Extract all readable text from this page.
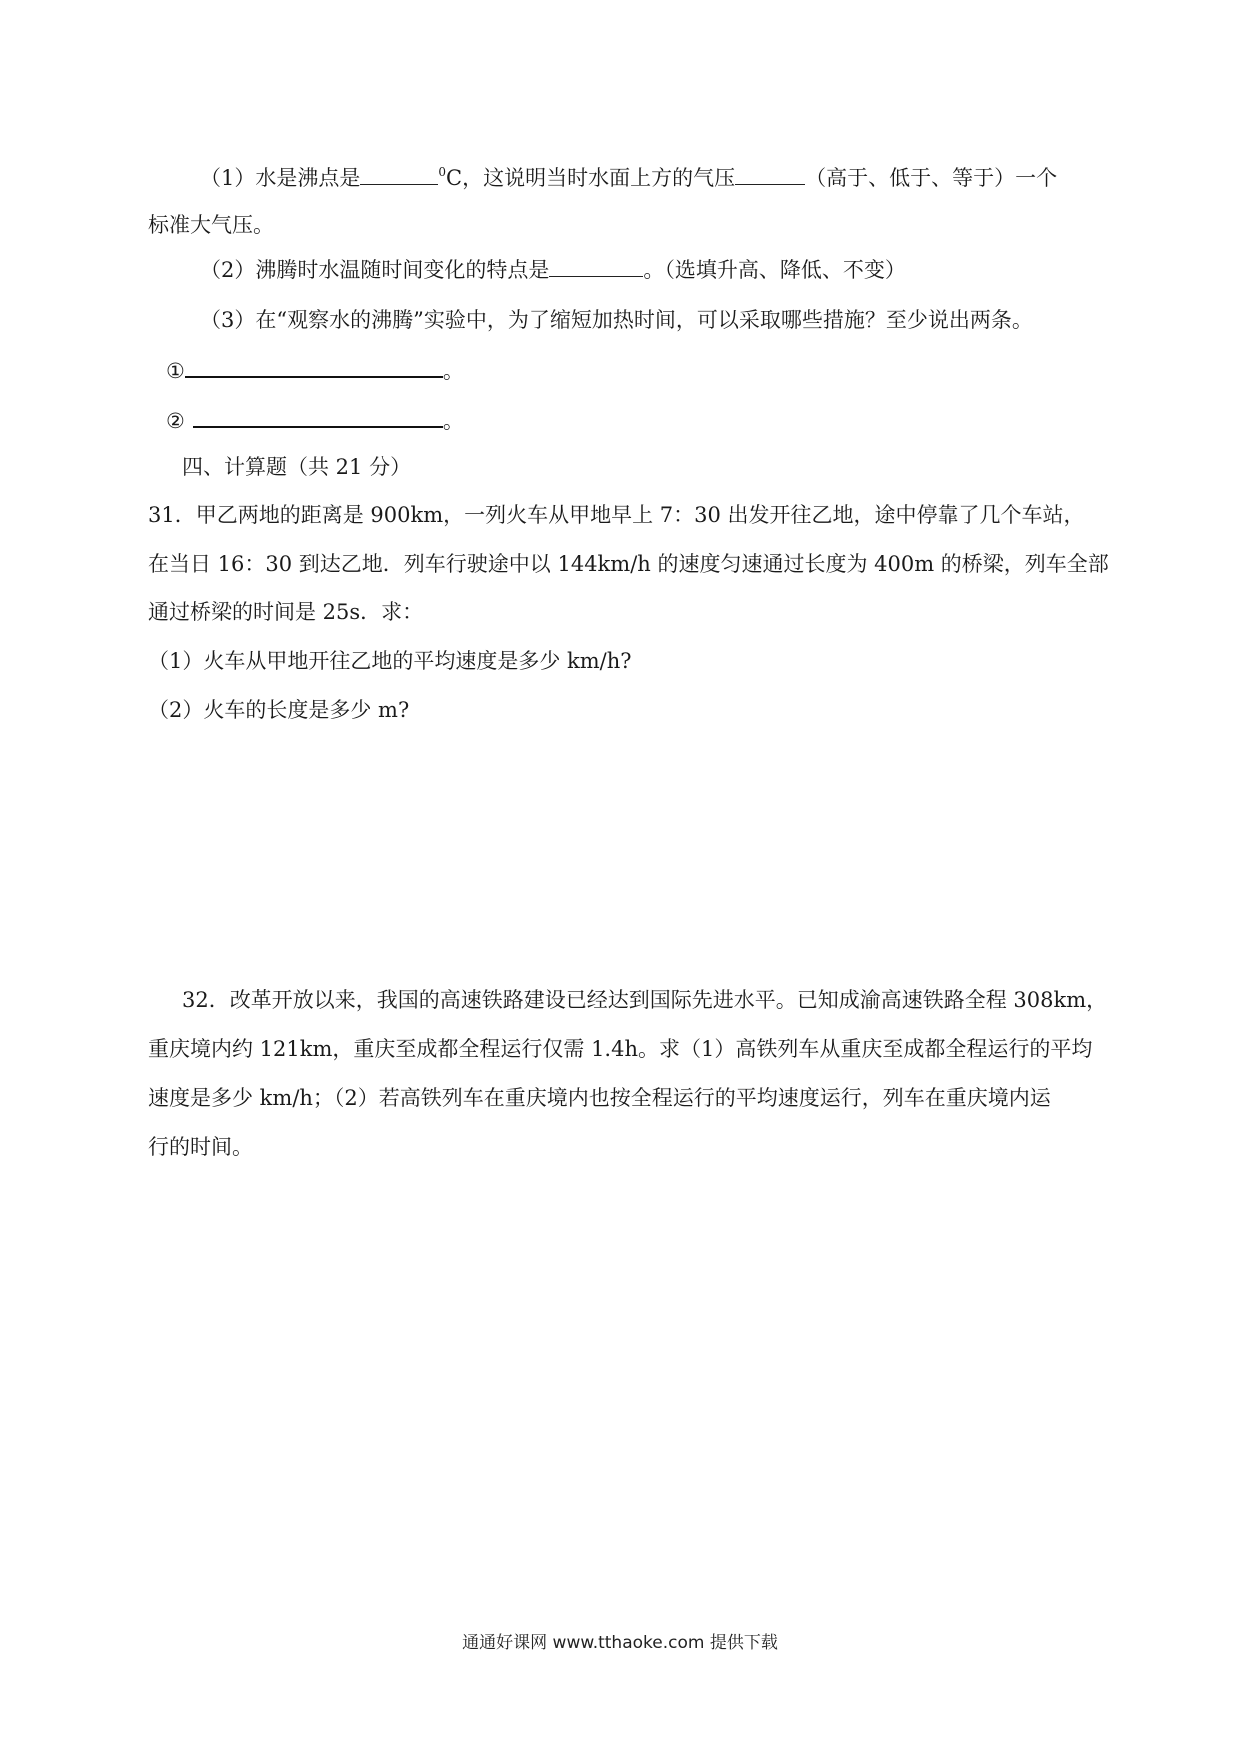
（1）水是沸点是	$^0$C，这说明当时水面上方的气压	（高于、低于、等于）一个
标准大气压。
（2）沸腾时水温随时间变化的特点是	。（选填升高、降低、不变）
（3）在“观察水的沸腾”实验中，为了缩短加热时间，可以采取哪些措施？至少说出两条。
①	。
②	。
四、计算题（共 21 分）
31．甲乙两地的距离是 900km，一列火车从甲地早上 7：30 出发开往乙地，途中停靠了几个车站，
在当日 16：30 到达乙地．列车行驶途中以 144km/h 的速度匀速通过长度为 400m 的桥梁，列车全部
通过桥梁的时间是 25s．求：
（1）火车从甲地开往乙地的平均速度是多少 km/h?
（2）火车的长度是多少 m?
32．改革开放以来，我国的高速铁路建设已经达到国际先进水平。已知成渝高速铁路全程 308km，
重庆境内约 121km，重庆至成都全程运行仅需 1.4h。求（1）高铁列车从重庆至成都全程运行的平均
速度是多少 km/h；（2）若高铁列车在重庆境内也按全程运行的平均速度运行，列车在重庆境内运
行的时间。
通通好课网 www.tthaoke.com 提供下载
